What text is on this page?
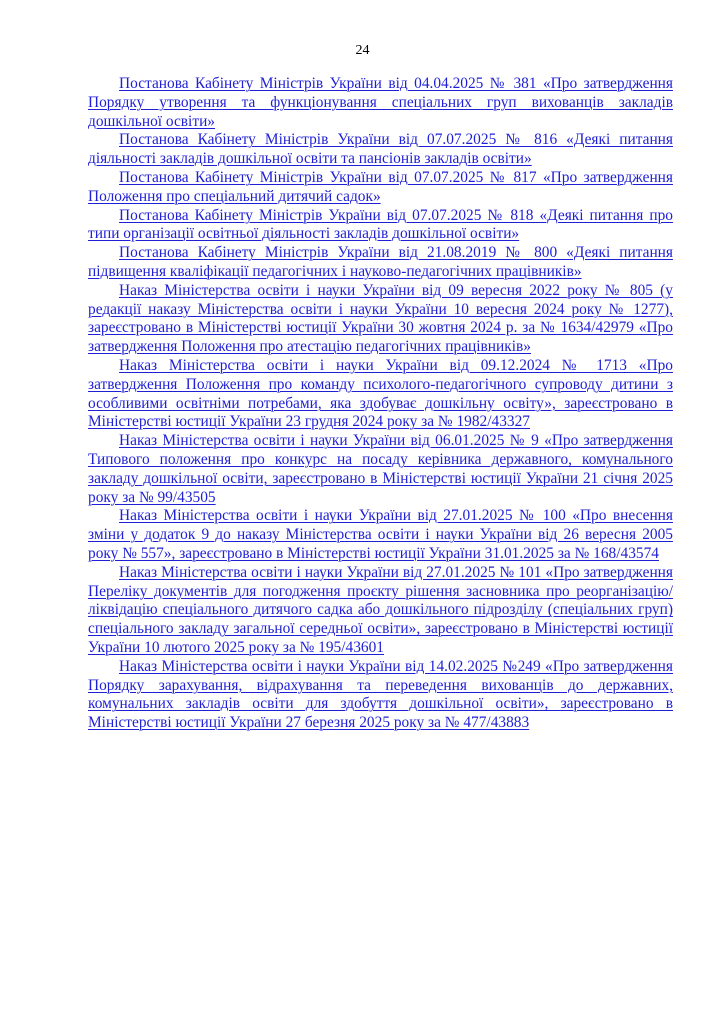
24

Постанова Кабінету Міністрів України від 04.04.2025 № 381 «Про затвердження Порядку утворення та функціонування спеціальних груп вихованців закладів дошкільної освіти»

Постанова Кабінету Міністрів України від 07.07.2025 № 816 «Деякі питання діяльності закладів дошкільної освіти та пансіонів закладів освіти»

Постанова Кабінету Міністрів України від 07.07.2025 № 817 «Про затвердження Положення про спеціальний дитячий садок»

Постанова Кабінету Міністрів України від 07.07.2025 № 818 «Деякі питання про типи організації освітньої діяльності закладів дошкільної освіти»

Постанова Кабінету Міністрів України від 21.08.2019 № 800 «Деякі питання підвищення кваліфікації педагогічних і науково-педагогічних працівників»

Наказ Міністерства освіти і науки України від 09 вересня 2022 року № 805 (у редакції наказу Міністерства освіти і науки України 10 вересня 2024 року № 1277), зареєстровано в Міністерстві юстиції України 30 жовтня 2024 р. за № 1634/42979 «Про затвердження Положення про атестацію педагогічних працівників»

Наказ Міністерства освіти і науки України від 09.12.2024 № 1713 «Про затвердження Положення про команду психолого-педагогічного супроводу дитини з особливими освітніми потребами, яка здобуває дошкільну освіту», зареєстровано в Міністерстві юстиції України 23 грудня 2024 року за № 1982/43327

Наказ Міністерства освіти і науки України від 06.01.2025 № 9 «Про затвердження Типового положення про конкурс на посаду керівника державного, комунального закладу дошкільної освіти, зареєстровано в Міністерстві юстиції України 21 січня 2025 року за № 99/43505

Наказ Міністерства освіти і науки України від 27.01.2025 № 100 «Про внесення зміни у додаток 9 до наказу Міністерства освіти і науки України від 26 вересня 2005 року № 557», зареєстровано в Міністерстві юстиції України 31.01.2025 за № 168/43574

Наказ Міністерства освіти і науки України від 27.01.2025 № 101 «Про затвердження Переліку документів для погодження проєкту рішення засновника про реорганізацію/ліквідацію спеціального дитячого садка або дошкільного підрозділу (спеціальних груп) спеціального закладу загальної середньої освіти», зареєстровано в Міністерстві юстиції України 10 лютого 2025 року за № 195/43601

Наказ Міністерства освіти і науки України від 14.02.2025 №249 «Про затвердження Порядку зарахування, відрахування та переведення вихованців до державних, комунальних закладів освіти для здобуття дошкільної освіти», зареєстровано в Міністерстві юстиції України 27 березня 2025 року за № 477/43883
